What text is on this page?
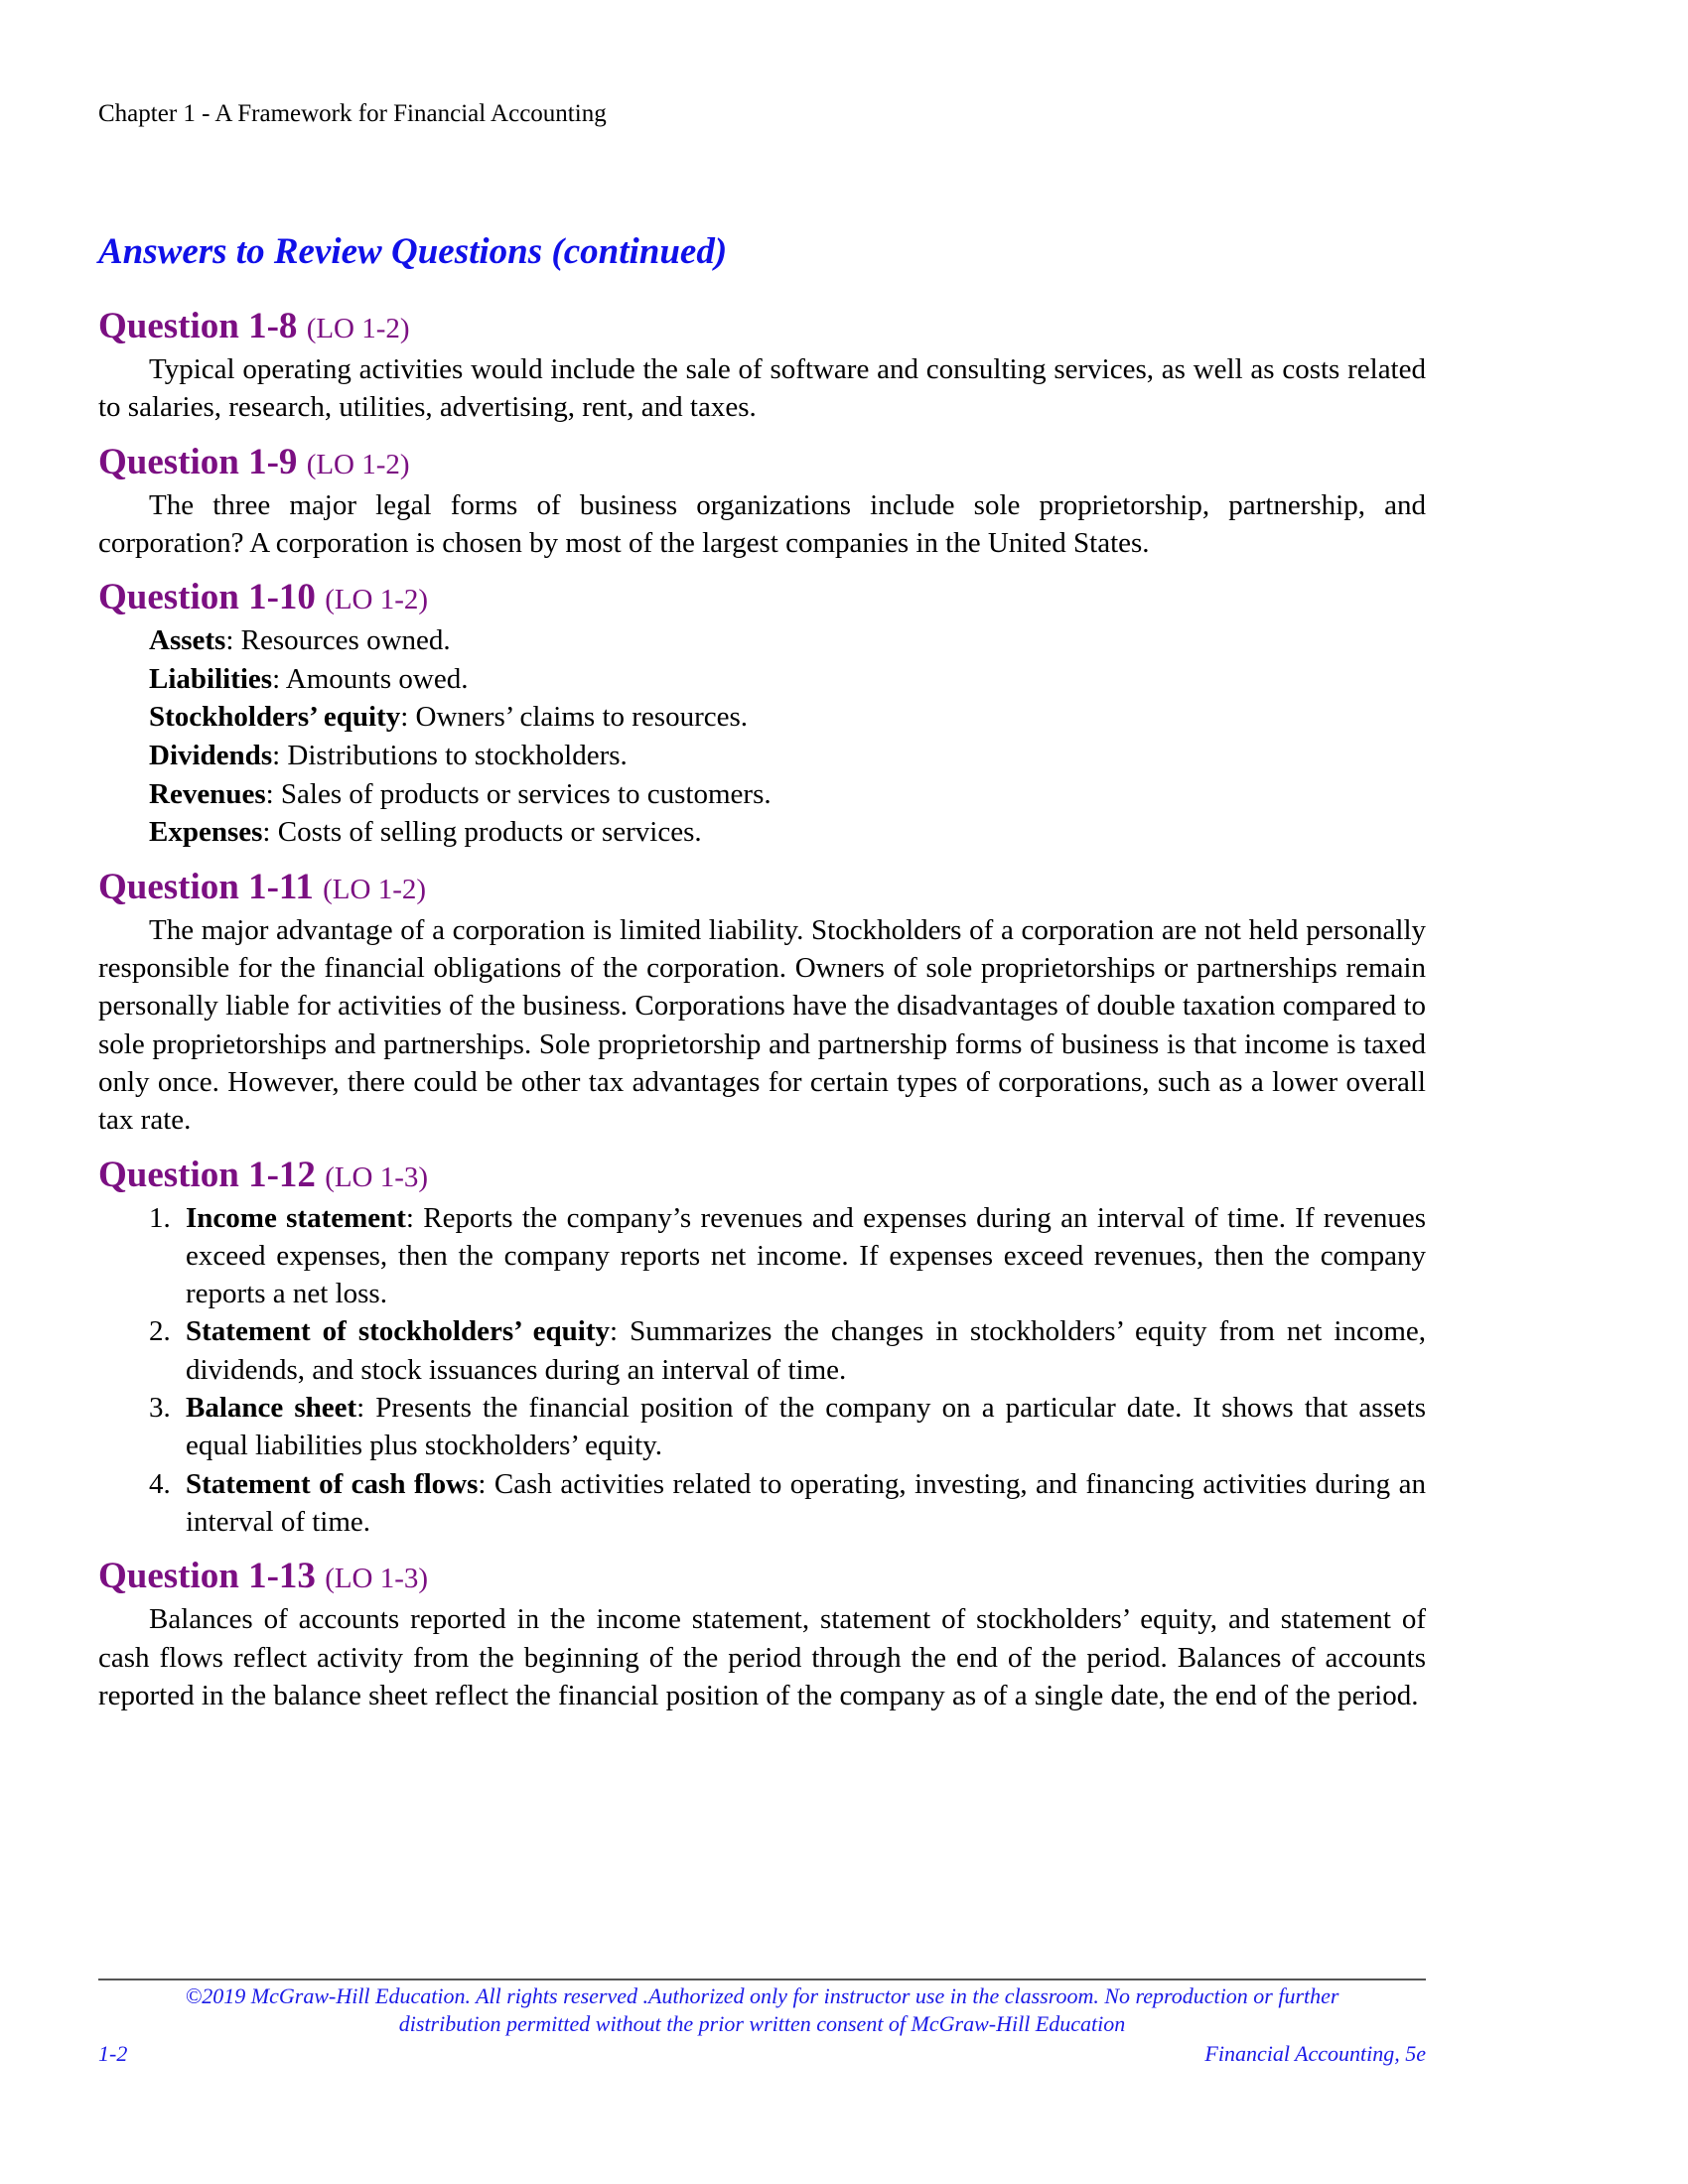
Chapter 1 - A Framework for Financial Accounting
Answers to Review Questions (continued)
Question 1-8 (LO 1-2)

Typical operating activities would include the sale of software and consulting services, as well as costs related to salaries, research, utilities, advertising, rent, and taxes.

Question 1-9 (LO 1-2)

The three major legal forms of business organizations include sole proprietorship, partnership, and corporation? A corporation is chosen by most of the largest companies in the United States.

Question 1-10 (LO 1-2)
Assets: Resources owned.
Liabilities: Amounts owed.
Stockholders’ equity: Owners’ claims to resources.
Dividends: Distributions to stockholders.
Revenues: Sales of products or services to customers.
Expenses: Costs of selling products or services.
Question 1-11 (LO 1-2)

The major advantage of a corporation is limited liability. Stockholders of a corporation are not held personally responsible for the financial obligations of the corporation. Owners of sole proprietorships or partnerships remain personally liable for activities of the business. Corporations have the disadvantages of double taxation compared to sole proprietorships and partnerships. Sole proprietorship and partnership forms of business is that income is taxed only once. However, there could be other tax advantages for certain types of corporations, such as a lower overall tax rate.

Question 1-12 (LO 1-3)
1. Income statement: Reports the company’s revenues and expenses during an interval of time. If revenues exceed expenses, then the company reports net income. If expenses exceed revenues, then the company reports a net loss.
2. Statement of stockholders’ equity: Summarizes the changes in stockholders’ equity from net income, dividends, and stock issuances during an interval of time.
3. Balance sheet: Presents the financial position of the company on a particular date. It shows that assets equal liabilities plus stockholders’ equity.
4. Statement of cash flows: Cash activities related to operating, investing, and financing activities during an interval of time.
Question 1-13 (LO 1-3)

Balances of accounts reported in the income statement, statement of stockholders’ equity, and statement of cash flows reflect activity from the beginning of the period through the end of the period. Balances of accounts reported in the balance sheet reflect the financial position of the company as of a single date, the end of the period.

©2019 McGraw-Hill Education. All rights reserved .Authorized only for instructor use in the classroom. No reproduction or further
distribution permitted without the prior written consent of McGraw-Hill Education
1-2	Financial Accounting, 5e
